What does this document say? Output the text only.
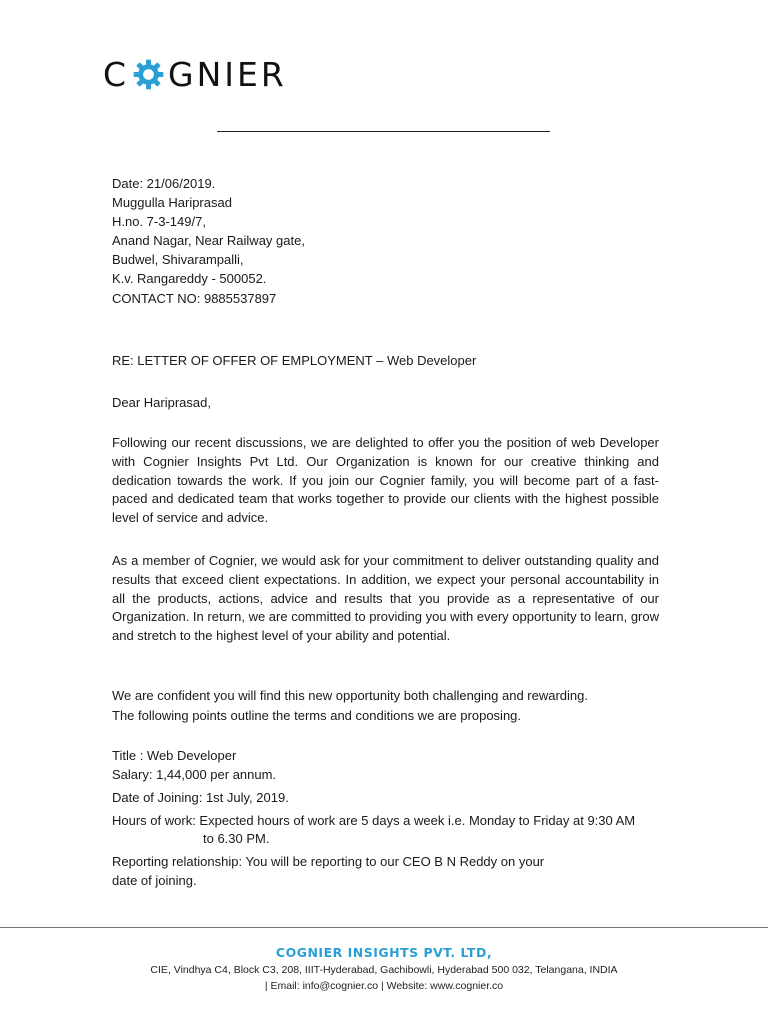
C GNIER
Date: 21/06/2019.
Muggulla Hariprasad
H.no. 7-3-149/7,
Anand Nagar, Near Railway gate,
Budwel, Shivarampalli,
K.v. Rangareddy - 500052.
CONTACT NO: 9885537897
RE: LETTER OF OFFER OF EMPLOYMENT – Web Developer
Dear Hariprasad,
Following our recent discussions, we are delighted to offer you the position of web Developer with Cognier Insights Pvt Ltd. Our Organization is known for our creative thinking and dedication towards the work. If you join our Cognier family, you will become part of a fast-paced and dedicated team that works together to provide our clients with the highest possible level of service and advice.
As a member of Cognier, we would ask for your commitment to deliver outstanding quality and results that exceed client expectations. In addition, we expect your personal accountability in all the products, actions, advice and results that you provide as a representative of our Organization. In return, we are committed to providing you with every opportunity to learn, grow and stretch to the highest level of your ability and potential.
We are confident you will find this new opportunity both challenging and rewarding.
The following points outline the terms and conditions we are proposing.
Title : Web Developer
Salary: 1,44,000 per annum.
Date of Joining: 1st July, 2019.
Hours of work: Expected hours of work are 5 days a week i.e. Monday to Friday at 9:30 AM
to 6.30 PM.
Reporting relationship: You will be reporting to our CEO B N Reddy on your
date of joining.
COGNIER INSIGHTS PVT. LTD,
CIE, Vindhya C4, Block C3, 208, IIIT-Hyderabad, Gachibowli, Hyderabad 500 032, Telangana, INDIA
| Email: info@cognier.co | Website: www.cognier.co
